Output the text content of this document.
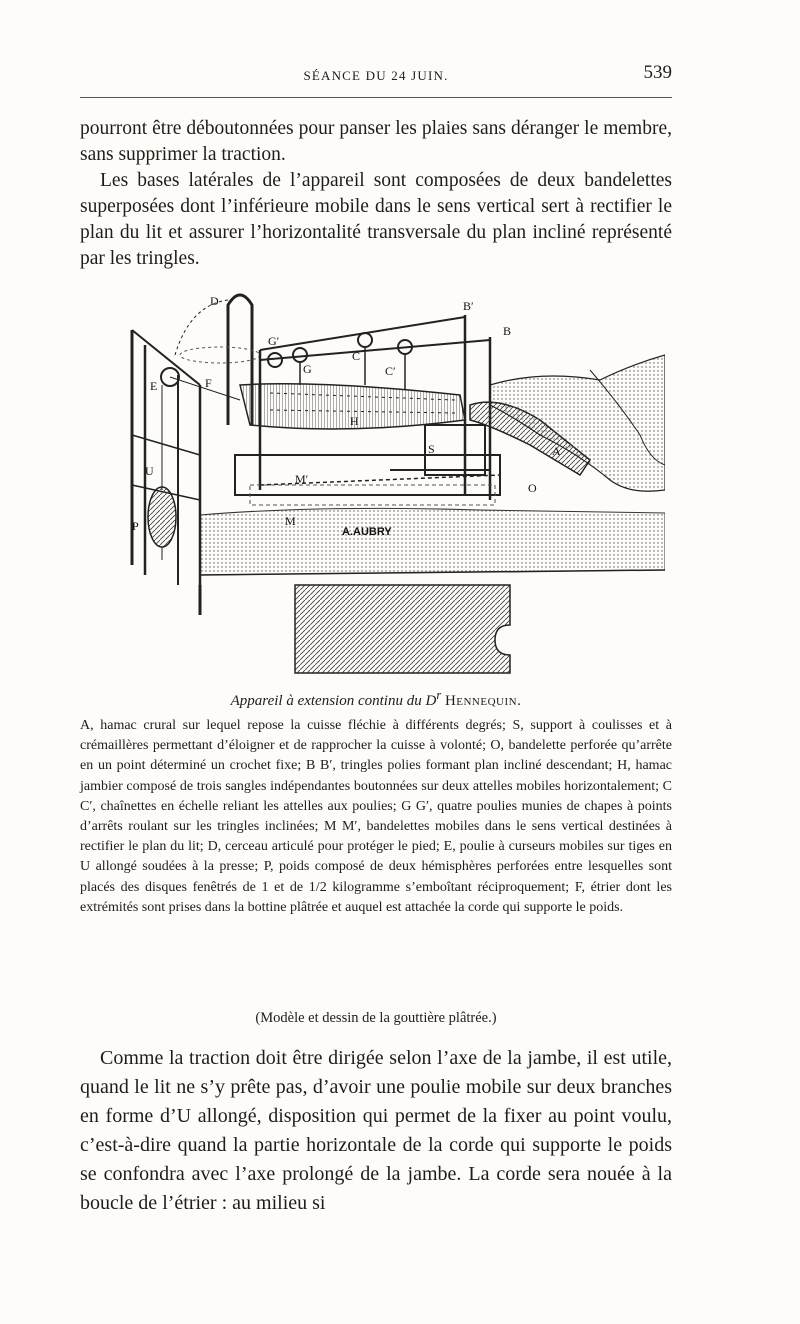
SÉANCE DU 24 JUIN.	539

pourront être déboutonnées pour panser les plaies sans déranger le membre, sans supprimer la traction.

Les bases latérales de l’appareil sont composées de deux bandelettes superposées dont l’inférieure mobile dans le sens vertical sert à rectifier le plan du lit et assurer l’horizontalité transversale du plan incliné représenté par les tringles.

D	B′
B
G′
G
C
C′
E	F
H
S
M′
M
O
P
A
U
A.AUBRY

Appareil à extension continu du $D^r$ Hennequin.

A, hamac crural sur lequel repose la cuisse fléchie à différents degrés; S, support à coulisses et à crémaillères permettant d’éloigner et de rapprocher la cuisse à volonté; O, bandelette perforée qu’arrête en un point déterminé un crochet fixe; B B′, tringles polies formant plan incliné descendant; H, hamac jambier composé de trois sangles indépendantes boutonnées sur deux attelles mobiles horizontalement; C C′, chaînettes en échelle reliant les attelles aux poulies; G G′, quatre poulies munies de chapes à points d’arrêts roulant sur les tringles inclinées; M M′, bandelettes mobiles dans le sens vertical destinées à rectifier le plan du lit; D, cerceau articulé pour protéger le pied; E, poulie à curseurs mobiles sur tiges en U allongé soudées à la presse; P, poids composé de deux hémisphères perforées entre lesquelles sont placés des disques fenêtrés de 1 et de 1/2 kilogramme s’emboîtant réciproquement; F, étrier dont les extrémités sont prises dans la bottine plâtrée et auquel est attachée la corde qui supporte le poids.

(Modèle et dessin de la gouttière plâtrée.)

Comme la traction doit être dirigée selon l’axe de la jambe, il est utile, quand le lit ne s’y prête pas, d’avoir une poulie mobile sur deux branches en forme d’U allongé, disposition qui permet de la fixer au point voulu, c’est-à-dire quand la partie horizontale de la corde qui supporte le poids se confondra avec l’axe prolongé de la jambe. La corde sera nouée à la boucle de l’étrier : au milieu si
